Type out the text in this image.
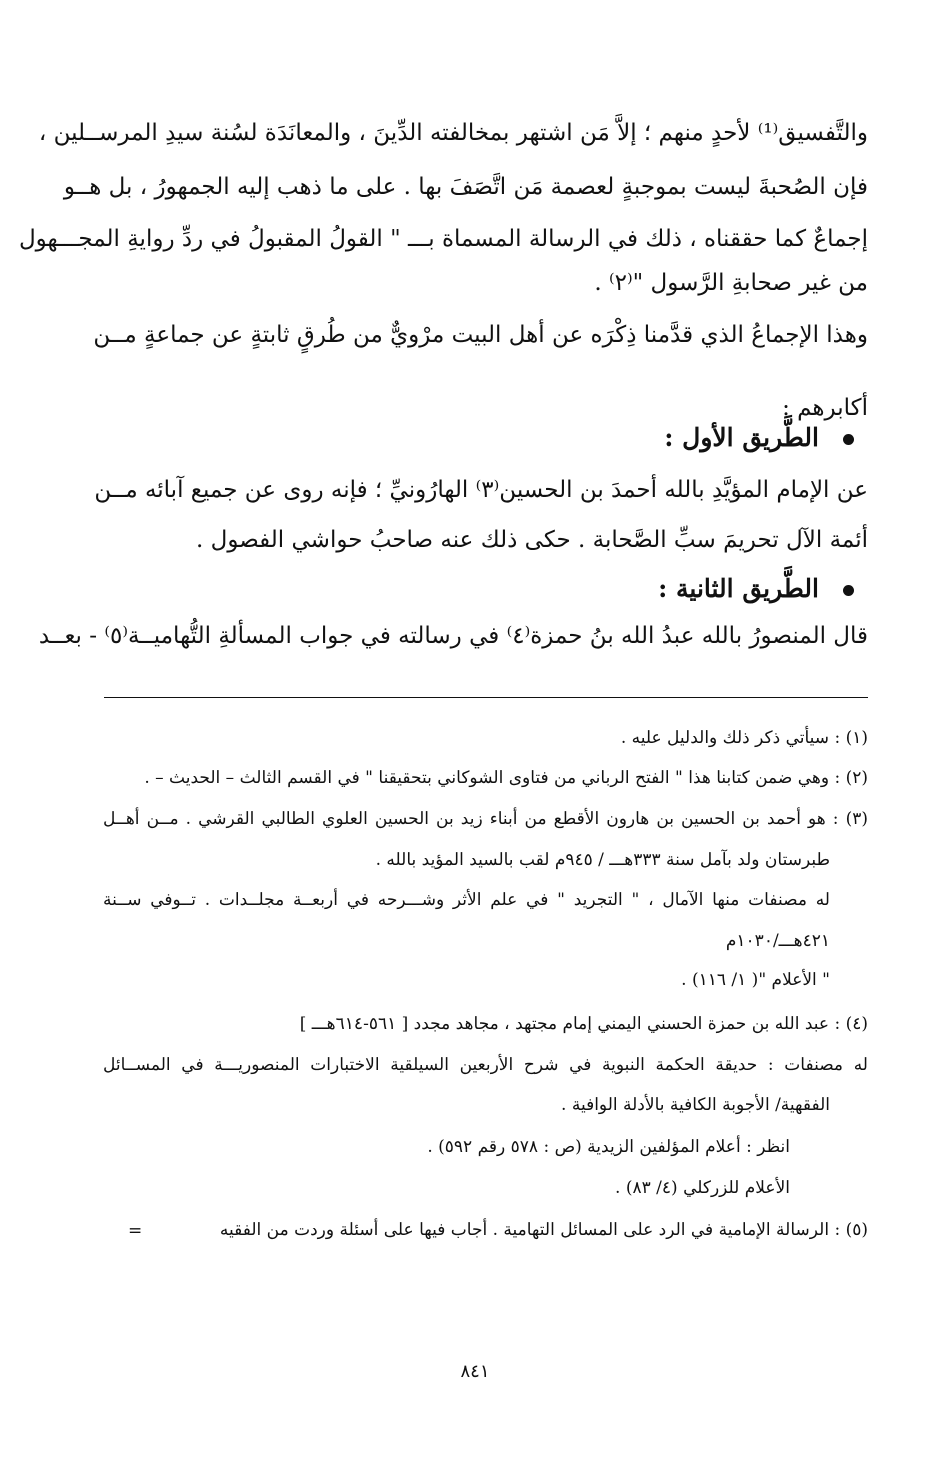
والتَّفسيق⁽¹⁾ لأحدٍ منهم ؛ إلاَّ مَن اشتهر بمخالفته الدِّينَ ، والمعانَدَة لسُنة سيدِ المرســلين ،
فإن الصُحبةَ ليست بموجبةٍ لعصمة مَن اتَّصَفَ بها . على ما ذهب إليه الجمهورُ ، بل هــو
إجماعٌ كما حققناه ، ذلك في الرسالة المسماة بـــ " القولُ المقبولُ في ردِّ روايةِ المجـــهول
من غير صحابةِ الرَّسول "⁽٢⁾ .
وهذا الإجماعُ الذي قدَّمنا ذِكْرَه عن أهل البيت مرْويٌّ من طُرقٍ ثابتةٍ عن جماعةٍ مــن
أكابرهم :
الطَّريق الأول :
عن الإمام المؤيَّدِ بالله أحمدَ بن الحسين⁽٣⁾ الهارُونيِّ ؛ فإنه روى عن جميع آبائه مــن
أئمة الآل تحريمَ سبِّ الصَّحابة . حكى ذلك عنه صاحبُ حواشي الفصول .
الطَّريق الثانية :
قال المنصورُ بالله عبدُ الله بنُ حمزة⁽٤⁾ في رسالته في جواب المسألةِ التُّهاميــة⁽٥⁾ - بعــد
(١) : سيأتي ذكر ذلك والدليل عليه .
(٢) : وهي ضمن كتابنا هذا " الفتح الرباني من فتاوى الشوكاني بتحقيقنا " في القسم الثالث – الحديث – .
(٣) : هو أحمد بن الحسين بن هارون الأقطع من أبناء زيد بن الحسين العلوي الطالبي القرشي . مــن أهــل
طبرستان ولد بآمل سنة ٣٣٣هـــ / ٩٤٥م لقب بالسيد المؤيد بالله .
له مصنفات منها الآمال ، " التجريد " في علم الأثر وشـــرحه في أربعــة مجلــدات . تــوفي ســنة
٤٢١هـــ/١٠٣٠م
" الأعلام "( ١/ ١١٦) .
(٤) : عبد الله بن حمزة الحسني اليمني إمام مجتهد ، مجاهد مجدد [ ٥٦١-٦١٤هـــ ]
له مصنفات : حديقة الحكمة النبوية في شرح الأربعين السيلقية الاختبارات المنصوريـــة في المســائل
الفقهية/ الأجوبة الكافية بالأدلة الوافية .
انظر : أعلام المؤلفين الزيدية (ص : ٥٧٨ رقم ٥٩٢) .
الأعلام للزركلي (٤/ ٨٣) .
(٥) : الرسالة الإمامية في الرد على المسائل التهامية . أجاب فيها على أسئلة وردت من الفقيه
=
٨٤١
